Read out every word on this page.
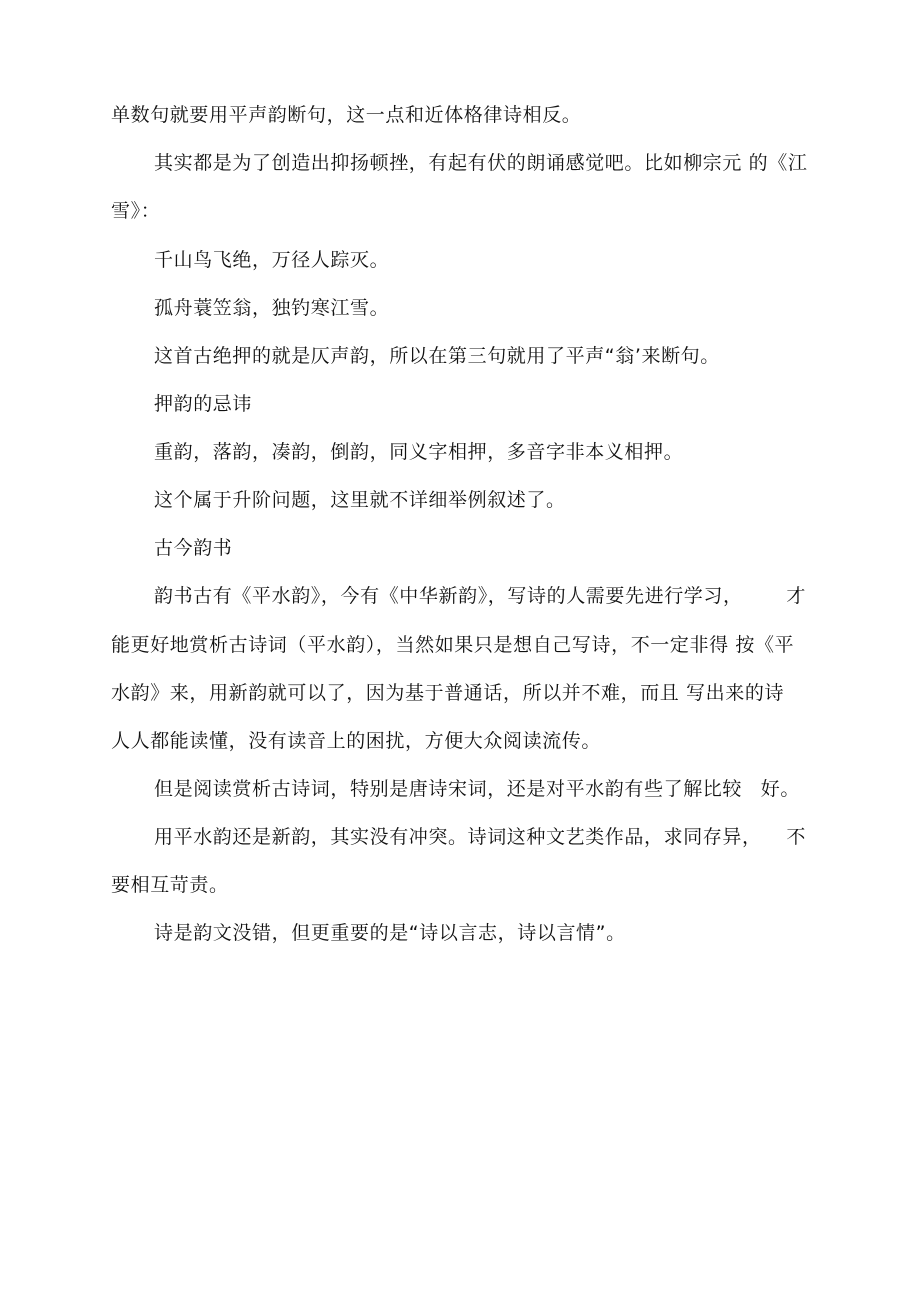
单数句就要用平声韵断句，这一点和近体格律诗相反。
其实都是为了创造出抑扬顿挫，有起有伏的朗诵感觉吧。比如柳宗元 的《江
雪》：
千山鸟飞绝，万径人踪灭。
孤舟蓑笠翁，独钓寒江雪。
这首古绝押的就是仄声韵，所以在第三句就用了平声“翁’来断句。
押韵的忌讳
重韵，落韵，凑韵，倒韵，同义字相押，多音字非本义相押。
这个属于升阶问题，这里就不详细举例叙述了。
古今韵书
韵书古有《平水韵》，今有《中华新韵》，写诗的人需要先进行学习， 才
能更好地赏析古诗词（平水韵），当然如果只是想自己写诗，不一定非得 按《平
水韵》来，用新韵就可以了，因为基于普通话，所以并不难，而且 写出来的诗
人人都能读懂，没有读音上的困扰，方便大众阅读流传。
但是阅读赏析古诗词，特别是唐诗宋词，还是对平水韵有些了解比较 好。
用平水韵还是新韵，其实没有冲突。诗词这种文艺类作品，求同存异， 不
要相互苛责。
诗是韵文没错，但更重要的是“诗以言志，诗以言情”。
